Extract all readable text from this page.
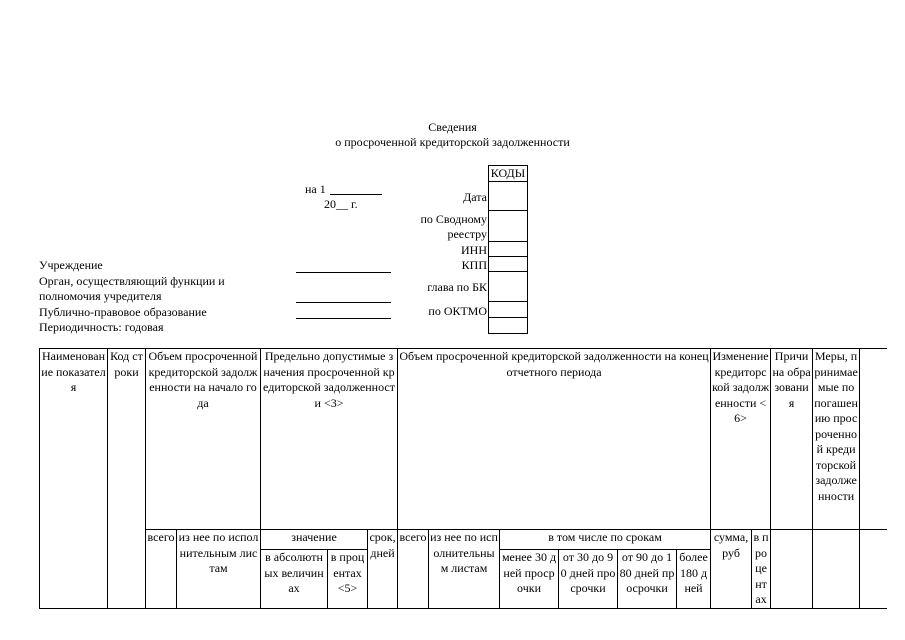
Сведения
о просроченной кредиторской задолженности
на 1
20__ г.
КОДЫ
Дата
по Сводному реестру
ИНН
КПП
глава по БК
по ОКТМО
Учреждение
Орган, осуществляющий функции и полномочия учредителя
Публично-правовое образование
Периодичность: годовая
Наименование показателя	Код строки	Объем просроченной кредиторской задолженности на начало года		Предельно допустимые значения просроченной кредиторской задолженности <3>			Объем просроченной кредиторской задолженности на конец отчетного периода						Изменение кредиторской задолженности <6>		Причина образования	Меры, принимаемые по погашению просроченной кредиторской задолженности	
		всего	из нее по исполнительным листам	значение		срок, дней	всего	из нее по исполнительным листам	в том числе по срокам				сумма, руб	в процентах			
				в абсолютных величинах	в процентах <5>				менее 30 дней просрочки	от 30 до 90 дней просрочки	от 90 до 180 дней просрочки	более 180 дней					
